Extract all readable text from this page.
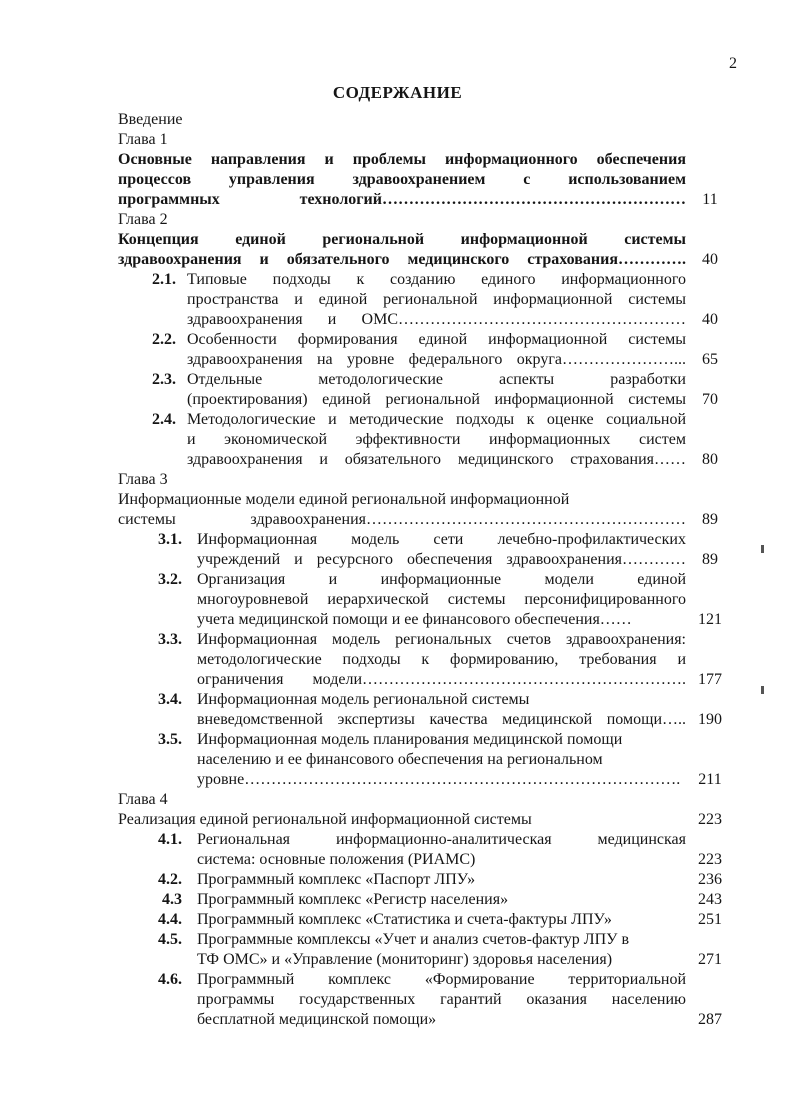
2
СОДЕРЖАНИЕ
Введение
Глава 1
Основные направления и проблемы информационного обеспечения
процессов управления здравоохранением с использованием
программных технологий………………………………………………… 11
Глава 2
Концепция единой региональной информационной системы
здравоохранения и обязательного медицинского страхования…………. 40
2.1. Типовые подходы к созданию единого информационного
пространства и единой региональной информационной системы
здравоохранения и ОМС……………………………………………… 40
2.2. Особенности формирования единой информационной системы
здравоохранения на уровне федерального округа…………………... 65
2.3. Отдельные методологические аспекты разработки
(проектирования) единой региональной информационной системы 70
2.4. Методологические и методические подходы к оценке социальной
и экономической эффективности информационных систем
здравоохранения и обязательного медицинского страхования…… 80
Глава 3
Информационные модели единой региональной информационной
системы здравоохранения…………………………………………………… 89
3.1. Информационная модель сети лечебно-профилактических
учреждений и ресурсного обеспечения здравоохранения………… 89
3.2. Организация и информационные модели единой
многоуровневой иерархической системы персонифицированного
учета медицинской помощи и ее финансового обеспечения……	121
3.3. Информационная модель региональных счетов здравоохранения:
методологические подходы к формированию, требования и
ограничения модели……………………………………………………. 177
3.4. Информационная модель региональной системы
вневедомственной экспертизы качества медицинской помощи….. 190
3.5. Информационная модель планирования медицинской помощи
населению и ее финансового обеспечения на региональном
уровне……………………………………………………………………….	211
Глава 4
Реализация единой региональной информационной системы	223
4.1. Региональная информационно-аналитическая медицинская
система: основные положения (РИАМС)	223
4.2. Программный комплекс «Паспорт ЛПУ»	236
4.3 Программный комплекс «Регистр населения»	243
4.4. Программный комплекс «Статистика и счета-фактуры ЛПУ»	251
4.5. Программные комплексы «Учет и анализ счетов-фактур ЛПУ в
ТФ ОМС» и «Управление (мониторинг) здоровья населения)	271
4.6. Программный комплекс «Формирование территориальной
программы государственных гарантий оказания населению
бесплатной медицинской помощи»	287
